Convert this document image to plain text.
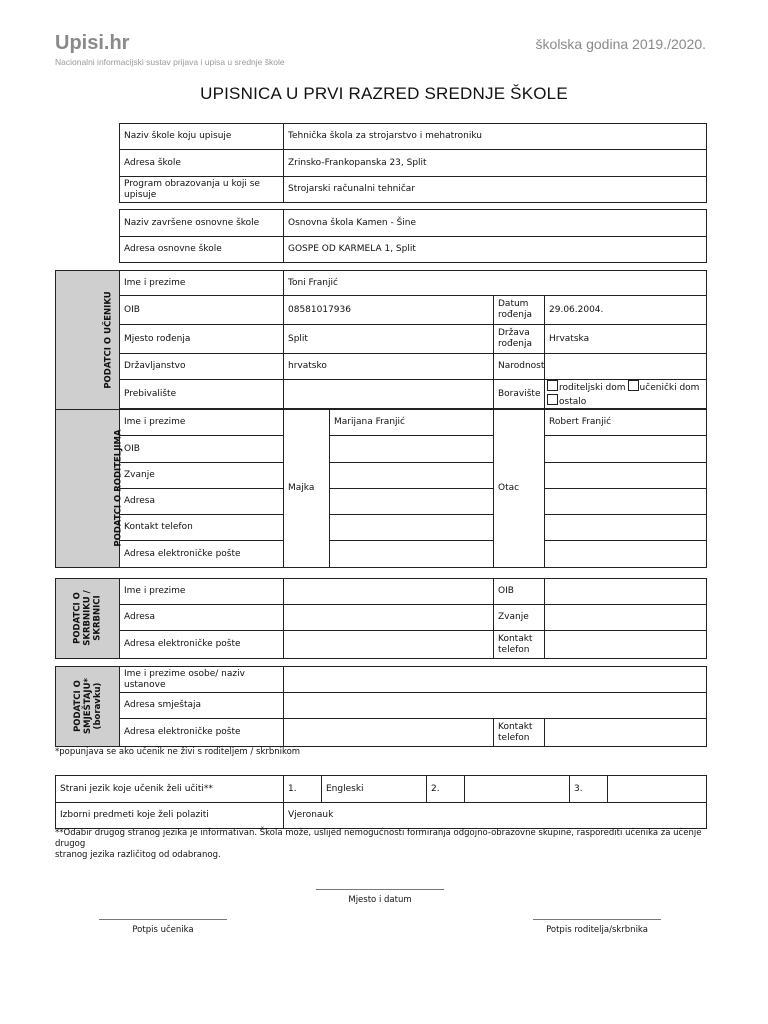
Upisi.hr
Nacionalni informacijski sustav prijava i upisa u srednje škole
školska godina 2019./2020.
UPISNICA U PRVI RAZRED SREDNJE ŠKOLE
Naziv škole koju upisuje	Tehnička škola za strojarstvo i mehatroniku
Adresa škole	Zrinsko-Frankopanska 23, Split
Program obrazovanja u koji se upisuje	Strojarski računalni tehničar
Naziv završene osnovne škole	Osnovna škola Kamen - Šine
Adresa osnovne škole	GOSPE OD KARMELA 1, Split
PODATCI O UČENIKU	Ime i prezime	Toni Franjić			
	OIB	08581017936		Datum rođenja	29.06.2004.
	Mjesto rođenja	Split		Država rođenja	Hrvatska
	Državljanstvo	hrvatsko		Narodnost	
	Prebivalište			Boravište	roditeljski dom učenički dom
ostalo

PODATCI O RODITELJIMA	Ime i prezime	Majka	Marijana Franjić	Otac	Robert Franjić
	OIB				
	Zvanje				
	Adresa				
	Kontakt telefon				
	Adresa elektroničke pošte				
PODATCI O
SKRBNIKU /
SKRBNICI	Ime i prezime		OIB	
	Adresa		Zvanje	
	Adresa elektroničke pošte		Kontakt telefon	
PODATCI O
SMJEŠTAJU*
(boravku)	Ime i prezime osobe/ naziv ustanove			
	Adresa smještaja			
	Adresa elektroničke pošte		Kontakt telefon	
*popunjava se ako učenik ne živi s roditeljem / skrbnikom
Strani jezik koje učenik želi učiti**	1.	Engleski	2.		3.	
Izborni predmeti koje želi polaziti	Vjeronauk					
**Odabir drugog stranog jezika je informativan. Škola može, uslijed nemogućnosti formiranja odgojno-obrazovne skupine, rasporediti učenika za učenje drugog
stranog jezika različitog od odabranog.
Mjesto i datum
Potpis učenika	Potpis roditelja/skrbnika
